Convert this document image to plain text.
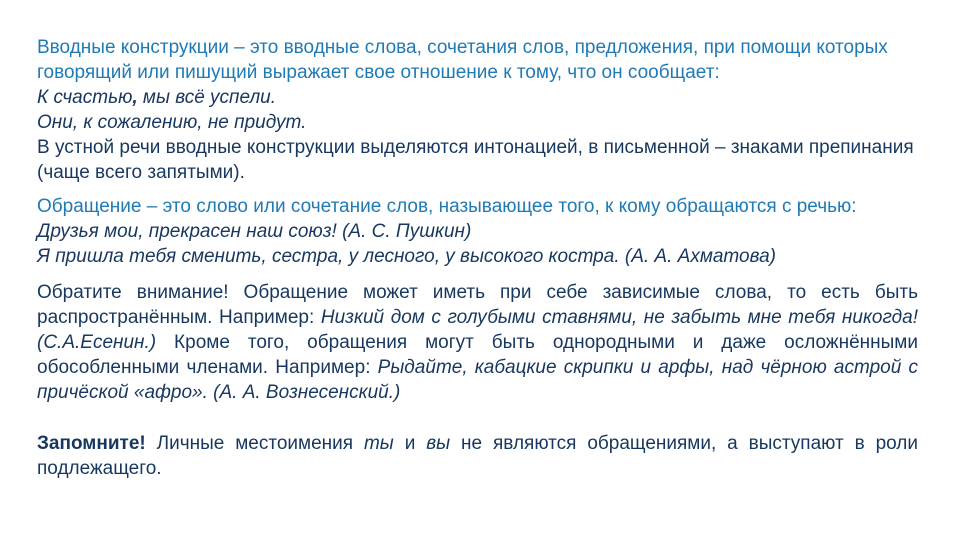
Вводные конструкции – это вводные слова, сочетания слов, предложения, при помощи которых говорящий или пишущий выражает свое отношение к тому, что он сообщает:

К счастью, мы всё успели.

Они, к сожалению, не придут.

В устной речи вводные конструкции выделяются интонацией, в письменной – знаками препинания (чаще всего запятыми).

Обращение – это слово или сочетание слов, называющее того, к кому обращаются с речью:

Друзья мои, прекрасен наш союз! (А. С. Пушкин)

Я пришла тебя сменить, сестра, у лесного, у высокого костра. (А. А. Ахматова)

Обратите внимание! Обращение может иметь при себе зависимые слова, то есть быть распространённым. Например: Низкий дом с голубыми ставнями, не забыть мне тебя никогда! (С.А.Есенин.) Кроме того, обращения могут быть однородными и даже осложнёнными обособленными членами. Например: Рыдайте, кабацкие скрипки и арфы, над чёрною астрой с причёской «афро». (А. А. Вознесенский.)

Запомните! Личные местоимения ты и вы не являются обращениями, а выступают в роли подлежащего.
